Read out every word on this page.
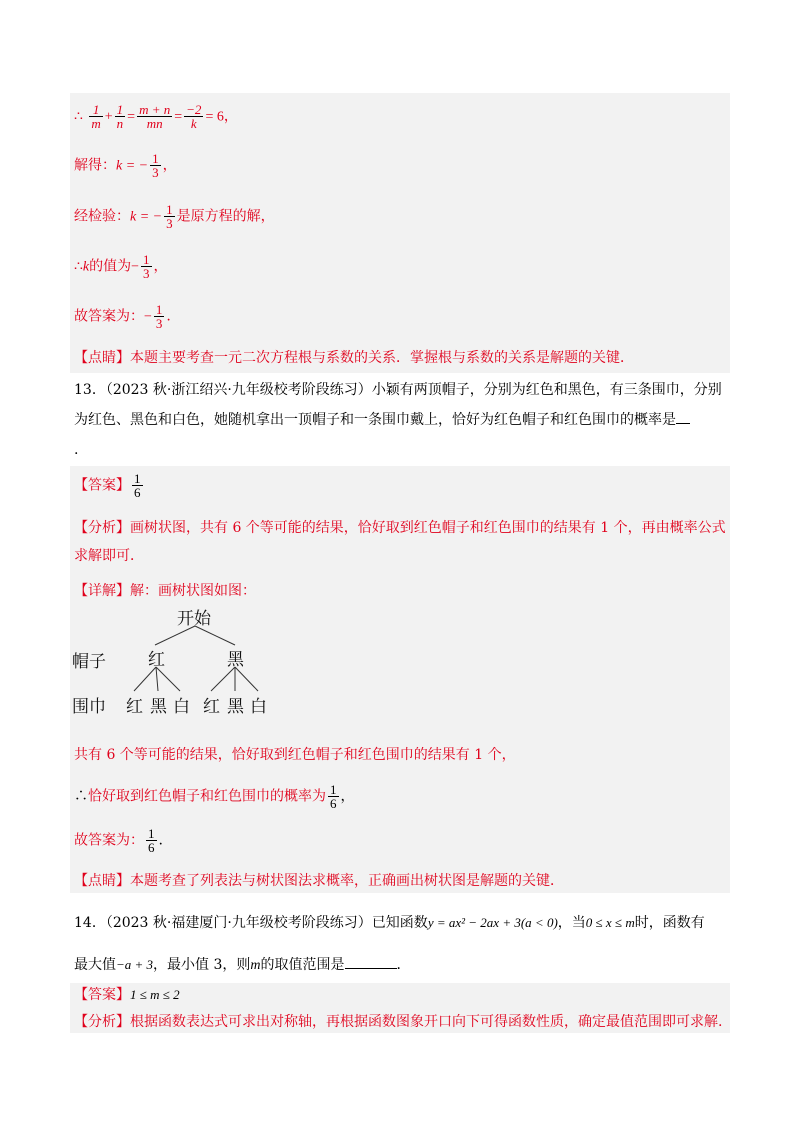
∴ $\frac{1}{m} + \frac{1}{n} = \frac{m + n}{mn} = \frac{-2}{k} = 6$，
解得：k = − $\frac{1}{3}$ ，
经检验：k = − $\frac{1}{3}$ 是原方程的解，
∴k的值为− $\frac{1}{3}$ ，
故答案为：− $\frac{1}{3}$ .
【点睛】本题主要考查一元二次方程根与系数的关系．掌握根与系数的关系是解题的关键．
13．（2023 秋·浙江绍兴·九年级校考阶段练习）小颖有两顶帽子，分别为红色和黑色，有三条围巾，分别
为红色、黑色和白色，她随机拿出一顶帽子和一条围巾戴上，恰好为红色帽子和红色围巾的概率是
.
【答案】 $\frac{1}{6}$
【分析】画树状图，共有 6 个等可能的结果，恰好取到红色帽子和红色围巾的结果有 1 个，再由概率公式
求解即可．
【详解】解：画树状图如图：
开始
帽子 红	黑
围巾 红 黑 白 红 黑 白
共有 6 个等可能的结果，恰好取到红色帽子和红色围巾的结果有 1 个，
∴恰好取到红色帽子和红色围巾的概率为 $\frac{1}{6}$ ，
故答案为： $\frac{1}{6}$ .
【点睛】本题考查了列表法与树状图法求概率，正确画出树状图是解题的关键．
14．（2023 秋·福建厦门·九年级校考阶段练习）已知函数y = ax² − 2ax + 3(a < 0)，当0 ≤ x ≤ m时，函数有
最大值−a + 3，最小值 3，则m的取值范围是	．
【答案】1 ≤ m ≤ 2
【分析】根据函数表达式可求出对称轴，再根据函数图象开口向下可得函数性质，确定最值范围即可求解.
